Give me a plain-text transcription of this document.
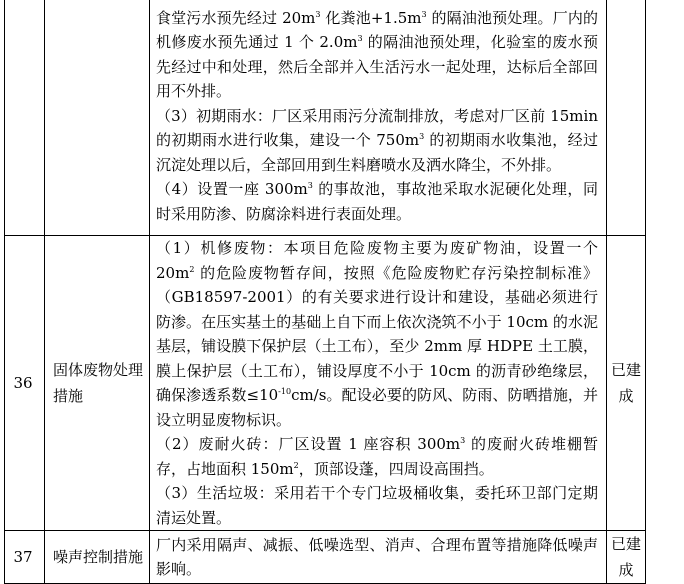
		食堂污水预先经过 $20m^3$ 化粪池$+1.5m^3$ 的隔油池预处理。厂内的机修废水预先通过 1 个 $2.0m^3$ 的隔油池预处理，化验室的废水预先经过中和处理，然后全部并入生活污水一起处理，达标后全部回用不外排。

（3）初期雨水：厂区采用雨污分流制排放，考虑对厂区前 15min 的初期雨水进行收集，建设一个 $750m^3$ 的初期雨水收集池，经过沉淀处理以后，全部回用到生料磨喷水及洒水降尘，不外排。

（4）设置一座 $300m^3$ 的事故池，事故池采取水泥硬化处理，同时采用防渗、防腐涂料进行表面处理。	

36	固体废物处理措施	（1）机修废物：本项目危险废物主要为废矿物油，设置一个 $20m^2$ 的危险废物暂存间，按照《危险废物贮存污染控制标准》（GB18597-2001）的有关要求进行设计和建设，基础必须进行防渗。在压实基土的基础上自下而上依次浇筑不小于 10cm 的水泥基层，铺设膜下保护层（土工布），至少 2mm 厚 HDPE 土工膜，膜上保护层（土工布），铺设厚度不小于 10cm 的沥青砂绝缘层，确保渗透系数$\le 10^{-10}cm/s$。配设必要的防风、防雨、防晒措施，并设立明显废物标识。

（2）废耐火砖：厂区设置 1 座容积 $300m^3$ 的废耐火砖堆棚暂存，占地面积 $150m^2$，顶部设蓬，四周设高围挡。

（3）生活垃圾：采用若干个专门垃圾桶收集，委托环卫部门定期清运处置。	已建成
37	噪声控制措施	厂内采用隔声、减振、低噪选型、消声、合理布置等措施降低噪声影响。	已建成
